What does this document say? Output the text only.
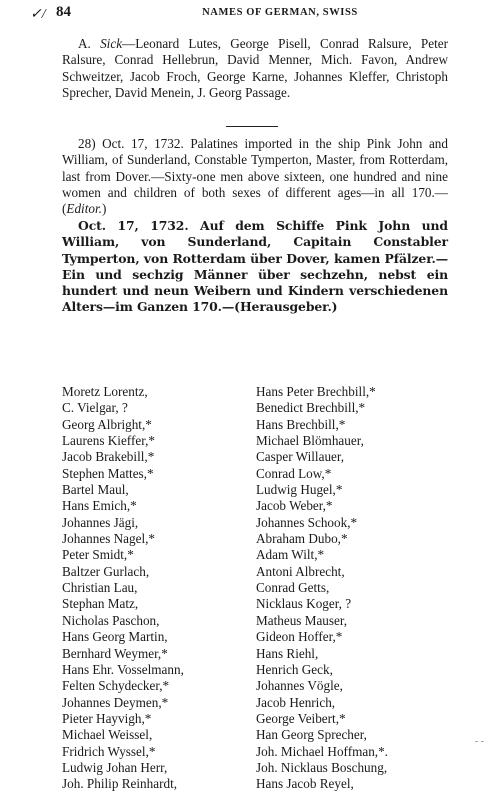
✓/ 84	NAMES OF GERMAN, SWISS

A. Sick—Leonard Lutes, George Pisell, Conrad Ralsure, Peter Ralsure, Conrad Hellebrun, David Menner, Mich. Favon, Andrew Schweitzer, Jacob Froch, George Karne, Johannes Kleffer, Christoph Sprecher, David Menein, J. Georg Passage.

28) Oct. 17, 1732. Palatines imported in the ship Pink John and William, of Sunderland, Constable Tymperton, Master, from Rotterdam, last from Dover.—Sixty-one men above sixteen, one hundred and nine women and children of both sexes of different ages—in all 170.—(Editor.)

Oct. 17, 1732. Auf dem Schiffe Pink John und William, von Sunderland, Capitain Constabler Tymperton, von Rotterdam über Dover, kamen Pfälzer.—Ein und sechzig Männer über sechzehn, nebst ein hundert und neun Weibern und Kindern verschiedenen Alters—im Ganzen 170.—(Herausgeber.)

Moretz Lorentz,	Hans Peter Brechbill,*
C. Vielgar, ?	Benedict Brechbill,*
Georg Albright,*	Hans Brechbill,*
Laurens Kieffer,*	Michael Blömhauer,
Jacob Brakebill,*	Casper Willauer,
Stephen Mattes,*	Conrad Low,*
Bartel Maul,	Ludwig Hugel,*
Hans Emich,*	Jacob Weber,*
Johannes Jägi,	Johannes Schook,*
Johannes Nagel,*	Abraham Dubo,*
Peter Smidt,*	Adam Wilt,*
Baltzer Gurlach,	Antoni Albrecht,
Christian Lau,	Conrad Getts,
Stephan Matz,	Nicklaus Koger, ?
Nicholas Paschon,	Matheus Mauser,
Hans Georg Martin,	Gideon Hoffer,*
Bernhard Weymer,*	Hans Riehl,
Hans Ehr. Vosselmann,	Henrich Geck,
Felten Schydecker,*	Johannes Vögle,
Johannes Deymen,*	Jacob Henrich,
Pieter Hayvigh,*	George Veibert,*
Michael Weissel,	Han Georg Sprecher,
Fridrich Wyssel,*	Joh. Michael Hoffman,*.
Ludwig Johan Herr,	Joh. Nicklaus Boschung,
Joh. Philip Reinhardt,	Hans Jacob Reyel,
- -
